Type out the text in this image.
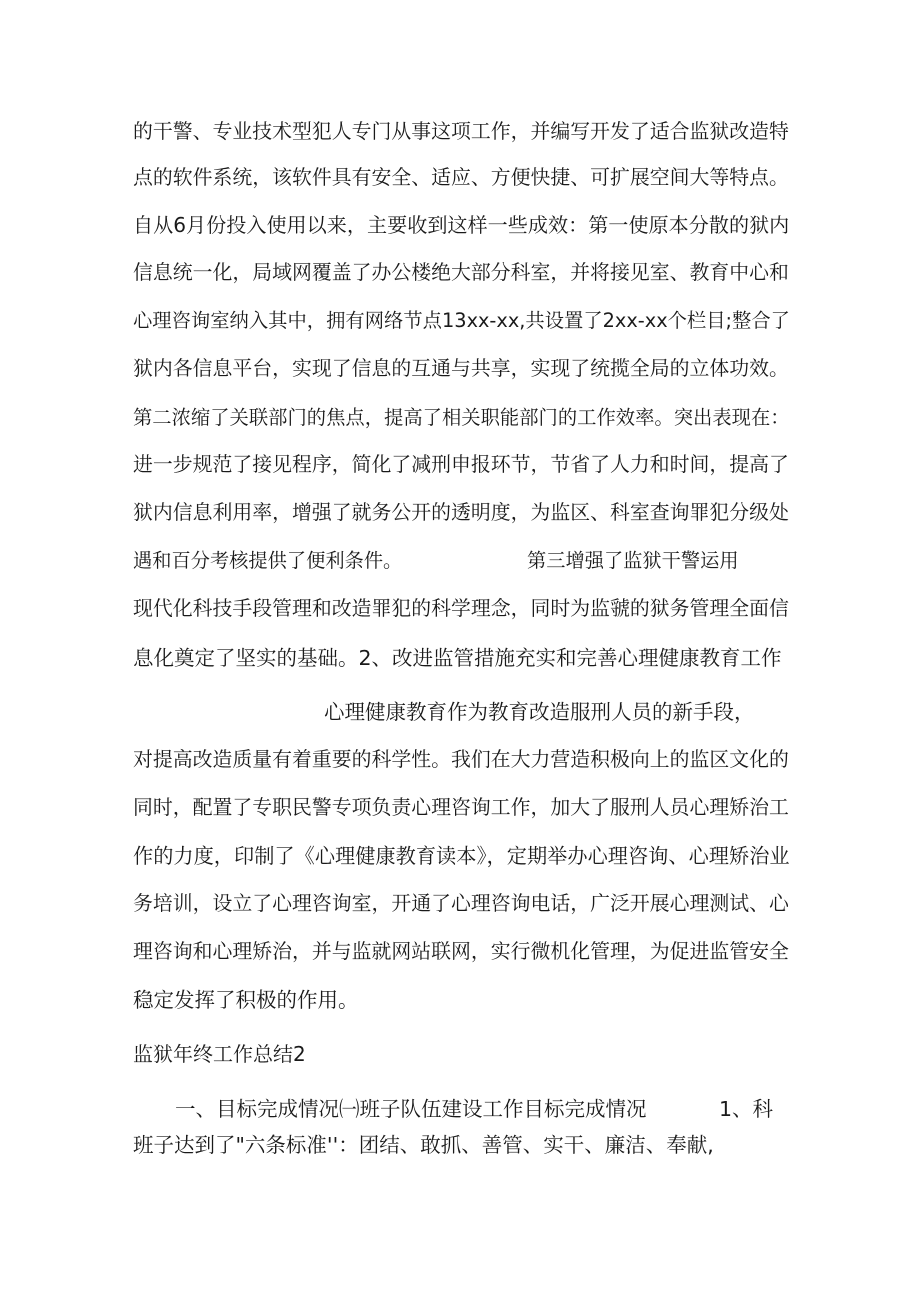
的干警、专业技术型犯人专门从事这项工作，并编写开发了适合监狱改造特
点的软件系统，该软件具有安全、适应、方便快捷、可扩展空间大等特点。
自从6月份投入使用以来，主要收到这样一些成效：第一使原本分散的狱内
信息统一化，局域网覆盖了办公楼绝大部分科室，并将接见室、教育中心和
心理咨询室纳入其中，拥有网络节点13xx-xx,共设置了2xx-xx个栏目;整合了
狱内各信息平台，实现了信息的互通与共享，实现了统揽全局的立体功效。
第二浓缩了关联部门的焦点，提高了相关职能部门的工作效率。突出表现在：
进一步规范了接见程序，简化了减刑申报环节，节省了人力和时间，提高了
狱内信息利用率，增强了就务公开的透明度，为监区、科室查询罪犯分级处
遇和百分考核提供了便利条件。	第三增强了监狱干警运用
现代化科技手段管理和改造罪犯的科学理念，同时为监虢的狱务管理全面信
息化奠定了坚实的基础。2、改进监管措施充实和完善心理健康教育工作
心理健康教育作为教育改造服刑人员的新手段，
对提高改造质量有着重要的科学性。我们在大力营造积极向上的监区文化的
同时，配置了专职民警专项负责心理咨询工作，加大了服刑人员心理矫治工
作的力度，印制了《心理健康教育读本》，定期举办心理咨询、心理矫治业
务培训，设立了心理咨询室，开通了心理咨询电话，广泛开展心理测试、心
理咨询和心理矫治，并与监就网站联网，实行微机化管理，为促进监管安全
稳定发挥了积极的作用。
监狱年终工作总结2
一、目标完成情况㈠班子队伍建设工作目标完成情况	1、科
班子达到了"六条标准''：团结、敢抓、善管、实干、廉洁、奉献,
